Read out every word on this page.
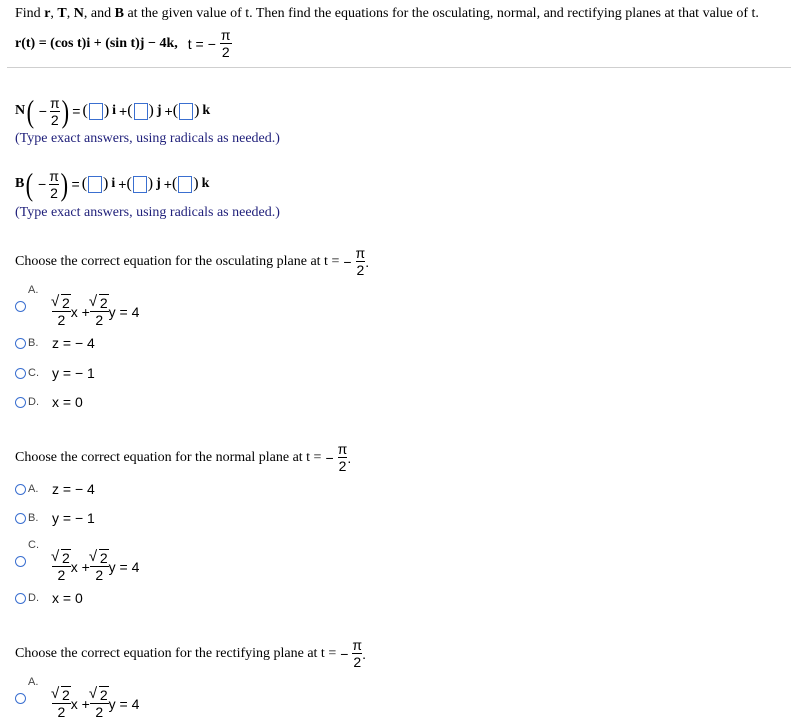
Find r, T, N, and B at the given value of t. Then find the equations for the osculating, normal, and rectifying planes at that value of t.
r(t) = (cos t)i + (sin t)j − 4k, t = − $\frac{\pi}{2}$
N ( − $\frac{\pi}{2}$ ) = ( ) i + ( ) j + ( ) k
(Type exact answers, using radicals as needed.)
B ( − $\frac{\pi}{2}$ ) = ( ) i + ( ) j + ( ) k
(Type exact answers, using radicals as needed.)
Choose the correct equation for the osculating plane at t = − $\frac{\pi}{2}$ .
A.
√ $\frac{2}{2}$ x + √ $\frac{2}{2}$ y = 4
B. z = − 4
C. y = − 1
D. x = 0
Choose the correct equation for the normal plane at t = − $\frac{\pi}{2}$ .
A. z = − 4
B. y = − 1
C.
√ $\frac{2}{2}$ x + √ $\frac{2}{2}$ y = 4
D. x = 0
Choose the correct equation for the rectifying plane at t = − $\frac{\pi}{2}$ .
A.
√ $\frac{2}{2}$ x + √ $\frac{2}{2}$ y = 4
